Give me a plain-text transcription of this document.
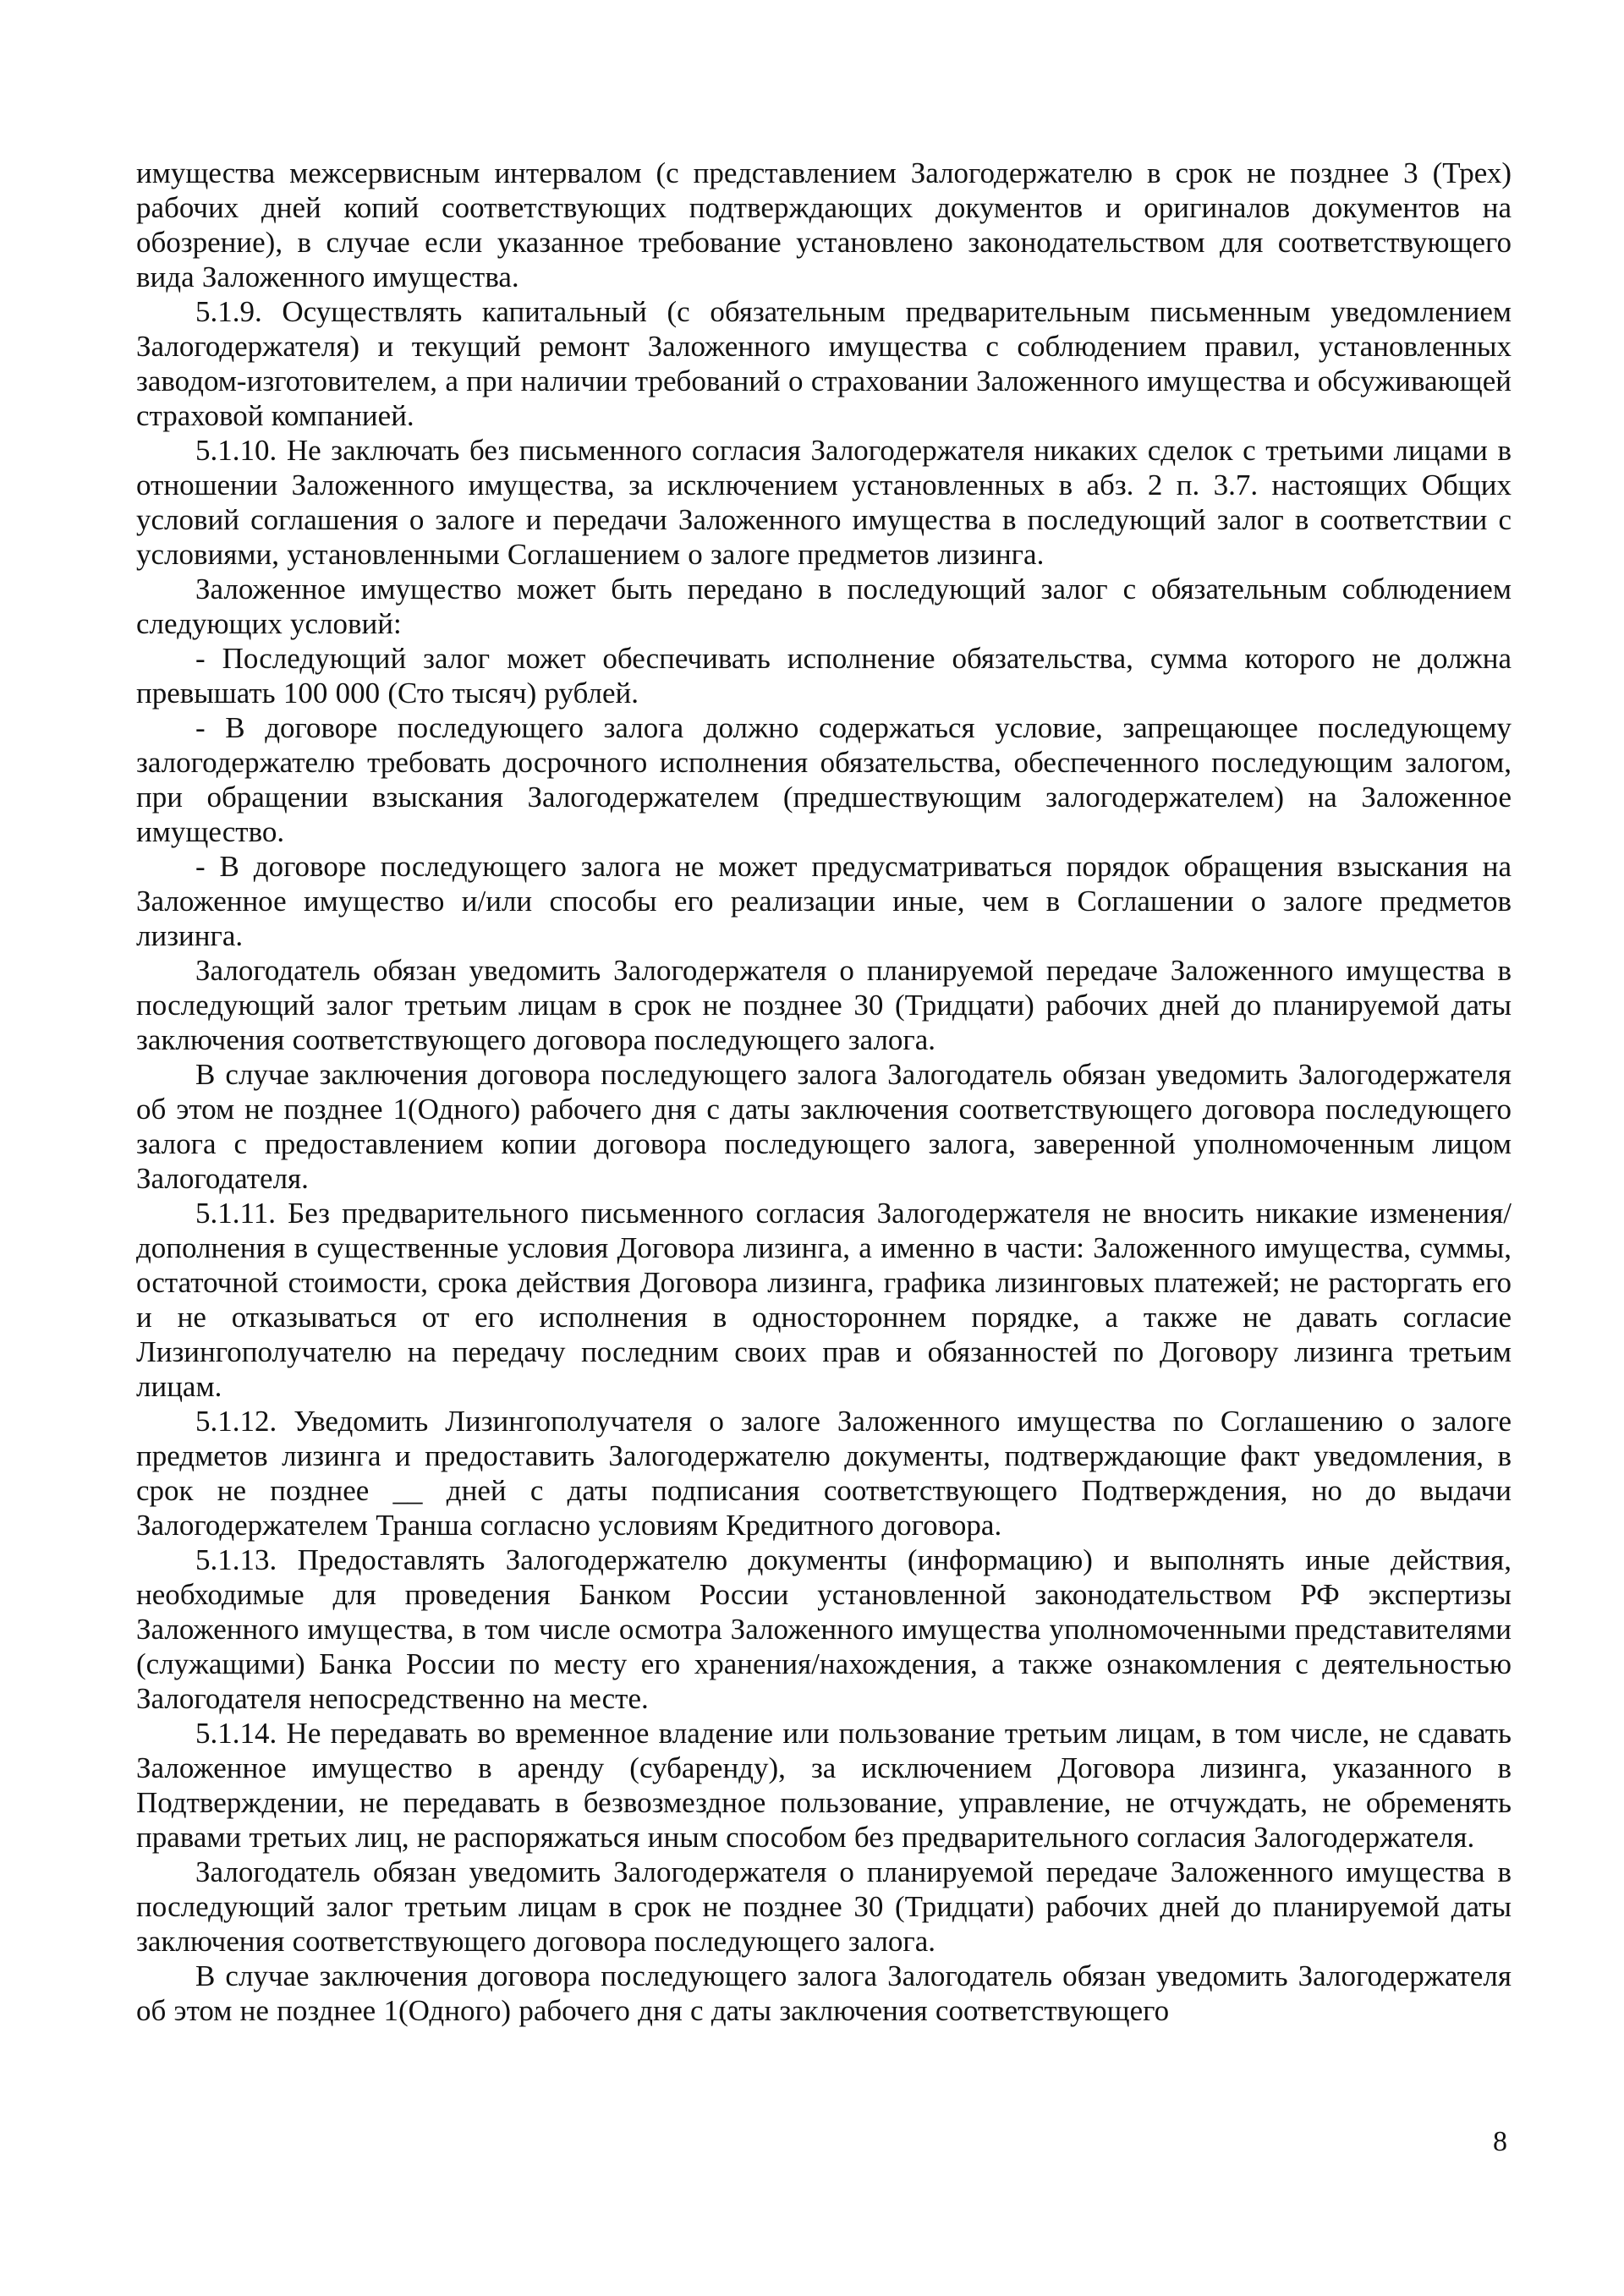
имущества межсервисным интервалом (с представлением Залогодержателю в срок не позднее 3 (Трех) рабочих дней копий соответствующих подтверждающих документов и оригиналов документов на обозрение), в случае если указанное требование установлено законодательством для соответствующего вида Заложенного имущества.

5.1.9. Осуществлять капитальный (с обязательным предварительным письменным уведомлением Залогодержателя) и текущий ремонт Заложенного имущества с соблюдением правил, установленных заводом-изготовителем, а при наличии требований о страховании Заложенного имущества и обсуживающей страховой компанией.

5.1.10. Не заключать без письменного согласия Залогодержателя никаких сделок с третьими лицами в отношении Заложенного имущества, за исключением установленных в абз. 2 п. 3.7. настоящих Общих условий соглашения о залоге и передачи Заложенного имущества в последующий залог в соответствии с условиями, установленными Соглашением о залоге предметов лизинга.

Заложенное имущество может быть передано в последующий залог с обязательным соблюдением следующих условий:

- Последующий залог может обеспечивать исполнение обязательства, сумма которого не должна превышать 100 000 (Сто тысяч) рублей.

- В договоре последующего залога должно содержаться условие, запрещающее последующему залогодержателю требовать досрочного исполнения обязательства, обеспеченного последующим залогом, при обращении взыскания Залогодержателем (предшествующим залогодержателем) на Заложенное имущество.

- В договоре последующего залога не может предусматриваться порядок обращения взыскания на Заложенное имущество и/или способы его реализации иные, чем в Соглашении о залоге предметов лизинга.

Залогодатель обязан уведомить Залогодержателя о планируемой передаче Заложенного имущества в последующий залог третьим лицам в срок не позднее 30 (Тридцати) рабочих дней до планируемой даты заключения соответствующего договора последующего залога.

В случае заключения договора последующего залога Залогодатель обязан уведомить Залогодержателя об этом не позднее 1(Одного) рабочего дня с даты заключения соответствующего договора последующего залога с предоставлением копии договора последующего залога, заверенной уполномоченным лицом Залогодателя.

5.1.11. Без предварительного письменного согласия Залогодержателя не вносить никакие изменения/дополнения в существенные условия Договора лизинга, а именно в части: Заложенного имущества, суммы, остаточной стоимости, срока действия Договора лизинга, графика лизинговых платежей; не расторгать его и не отказываться от его исполнения в одностороннем порядке, а также не давать согласие Лизингополучателю на передачу последним своих прав и обязанностей по Договору лизинга третьим лицам.

5.1.12. Уведомить Лизингополучателя о залоге Заложенного имущества по Соглашению о залоге предметов лизинга и предоставить Залогодержателю документы, подтверждающие факт уведомления, в срок не позднее __ дней с даты подписания соответствующего Подтверждения, но до выдачи Залогодержателем Транша согласно условиям Кредитного договора.

5.1.13. Предоставлять Залогодержателю документы (информацию) и выполнять иные действия, необходимые для проведения Банком России установленной законодательством РФ экспертизы Заложенного имущества, в том числе осмотра Заложенного имущества уполномоченными представителями (служащими) Банка России по месту его хранения/нахождения, а также ознакомления с деятельностью Залогодателя непосредственно на месте.

5.1.14. Не передавать во временное владение или пользование третьим лицам, в том числе, не сдавать Заложенное имущество в аренду (субаренду), за исключением Договора лизинга, указанного в Подтверждении, не передавать в безвозмездное пользование, управление, не отчуждать, не обременять правами третьих лиц, не распоряжаться иным способом без предварительного согласия Залогодержателя.

Залогодатель обязан уведомить Залогодержателя о планируемой передаче Заложенного имущества в последующий залог третьим лицам в срок не позднее 30 (Тридцати) рабочих дней до планируемой даты заключения соответствующего договора последующего залога.

В случае заключения договора последующего залога Залогодатель обязан уведомить Залогодержателя об этом не позднее 1(Одного) рабочего дня с даты заключения соответствующего

8
